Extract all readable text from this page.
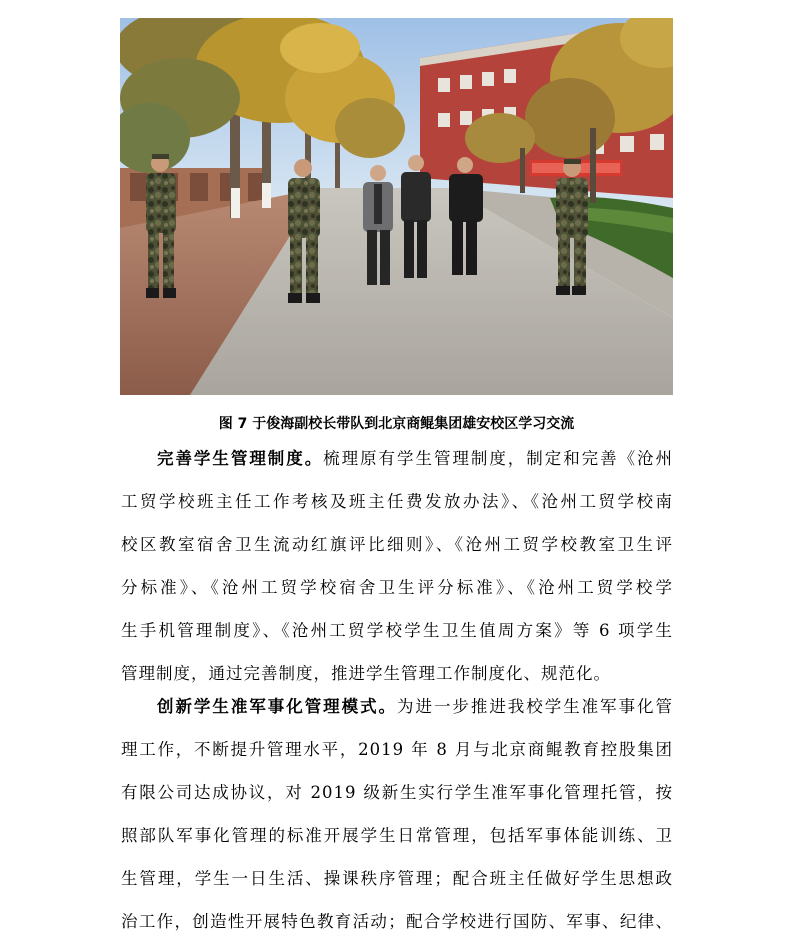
图 7 于俊海副校长带队到北京商鲲集团雄安校区学习交流
完善学生管理制度。梳理原有学生管理制度，制定和完善《沧州
工贸学校班主任工作考核及班主任费发放办法》、《沧州工贸学校南
校区教室宿舍卫生流动红旗评比细则》、《沧州工贸学校教室卫生评
分标准》、《沧州工贸学校宿舍卫生评分标准》、《沧州工贸学校学
生手机管理制度》、《沧州工贸学校学生卫生值周方案》等 6 项学生
管理制度，通过完善制度，推进学生管理工作制度化、规范化。
创新学生准军事化管理模式。为进一步推进我校学生准军事化管
理工作，不断提升管理水平，2019 年 8 月与北京商鲲教育控股集团
有限公司达成协议，对 2019 级新生实行学生准军事化管理托管，按
照部队军事化管理的标准开展学生日常管理，包括军事体能训练、卫
生管理，学生一日生活、操课秩序管理；配合班主任做好学生思想政
治工作，创造性开展特色教育活动；配合学校进行国防、军事、纪律、
